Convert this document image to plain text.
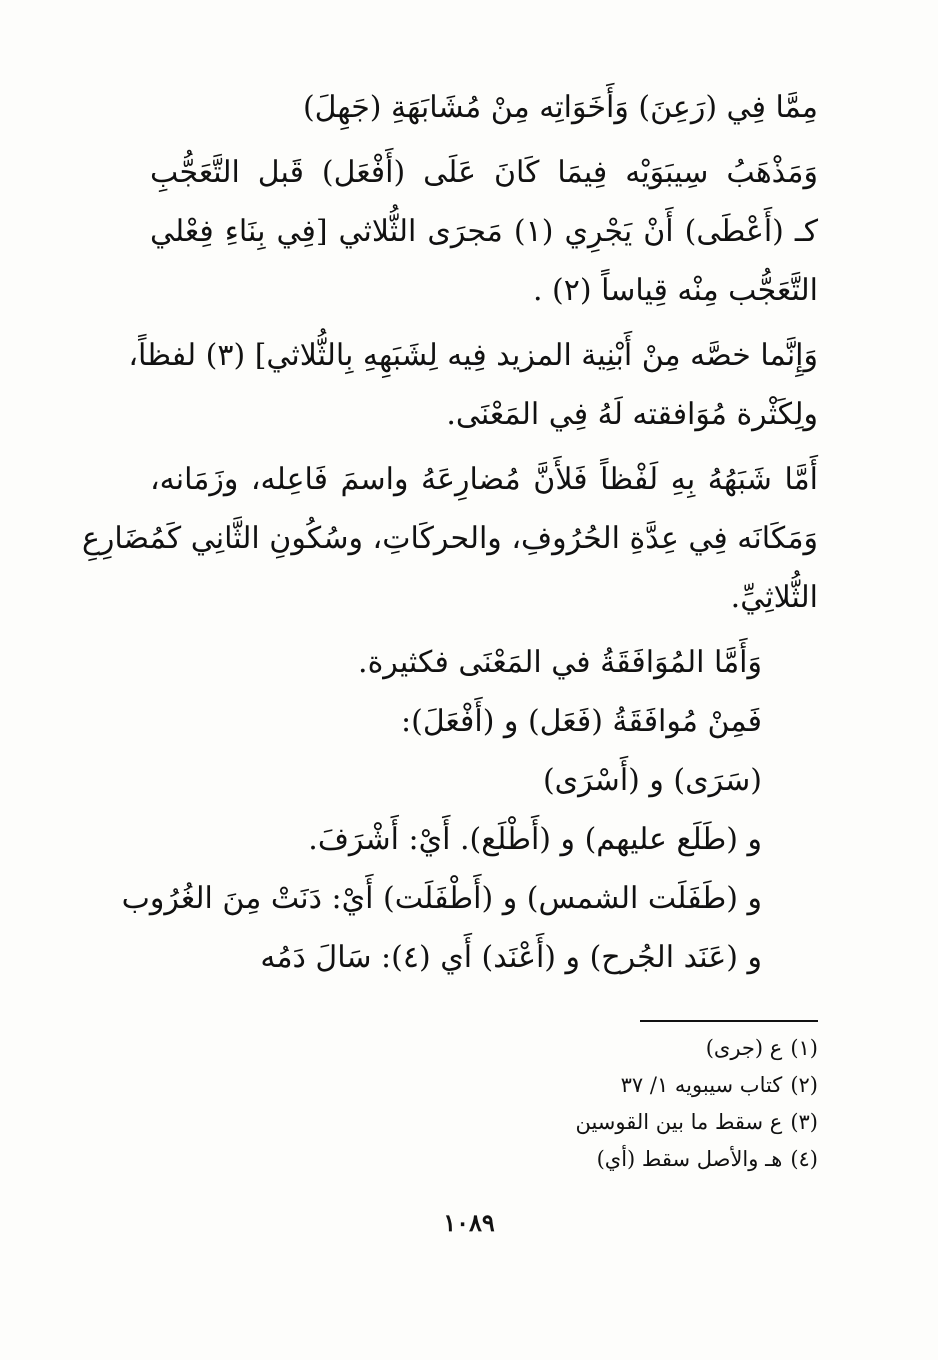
مِمَّا فِي (رَعِنَ) وَأَخَوَاتِه مِنْ مُشَابَهَةِ (جَهِلَ)
وَمَذْهَبُ سِيبَوَيْه فِيمَا كَانَ عَلَى (أَفْعَل) قَبل التَّعَجُّبِ
كـ (أَعْطَى) أَنْ يَجْرِي (١) مَجرَى الثُّلاثي [فِي بِنَاءِ فِعْلي
التَّعَجُّب مِنْه قِياساً (٢) .
وَإِنَّما خصَّه مِنْ أَبْنِية المزيد فِيه لِشَبَهِهِ بِالثُّلاثي] (٣) لفظاً،
ولِكَثْرة مُوَافقته لَهُ فِي المَعْنَى.
أَمَّا شَبَهُهُ بِهِ لَفْظاً فَلأَنَّ مُضارِعَهُ واسمَ فَاعِله، وزَمَانه،
وَمَكَانَه فِي عِدَّةِ الحُرُوفِ، والحركَاتِ، وسُكُونِ الثَّانِي كَمُضَارِعِ
الثُّلاثِيِّ.
وَأَمَّا المُوَافَقَةُ في المَعْنَى فكثيرة.
فَمِنْ مُوافَقَةُ (فَعَل) و (أَفْعَلَ):
(سَرَى) و (أَسْرَى)
و (طَلَع عليهم) و (أَطْلَع). أَيْ: أَشْرَفَ.
و (طَفَلَت الشمس) و (أَطْفَلَت) أَيْ: دَنَتْ مِنَ الغُرُوب
و (عَنَد الجُرح) و (أَعْنَد) أَي (٤): سَالَ دَمُه
(١)ع (جرى)
(٢)كتاب سيبويه ١/ ٣٧
(٣)ع سقط ما بين القوسين
(٤)هـ والأصل سقط (أي)
١٠٨٩
